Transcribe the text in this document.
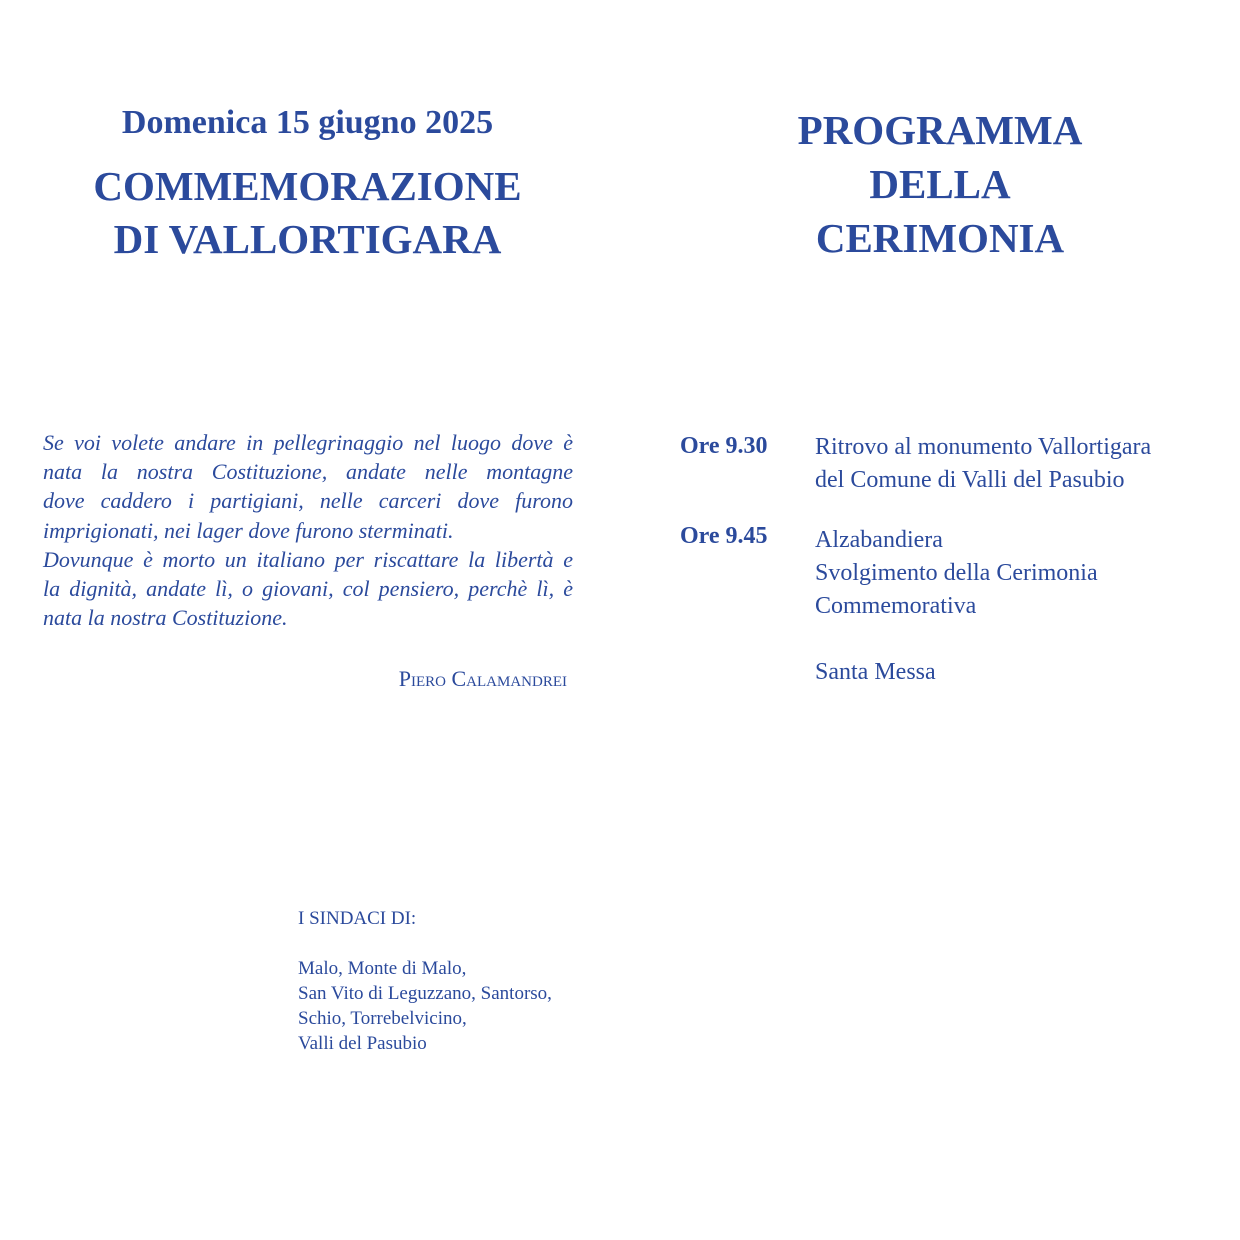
Domenica 15 giugno 2025
COMMEMORAZIONE
DI VALLORTIGARA
Se voi volete andare in pellegrinaggio nel luogo dove è
nata la nostra Costituzione, andate nelle montagne
dove caddero i partigiani, nelle carceri dove furono
imprigionati, nei lager dove furono sterminati.
Dovunque è morto un italiano per riscattare la libertà e
la dignità, andate lì, o giovani, col pensiero, perchè lì, è
nata la nostra Costituzione.
Piero Calamandrei
I SINDACI DI:
Malo, Monte di Malo,
San Vito di Leguzzano, Santorso,
Schio, Torrebelvicino,
Valli del Pasubio
PROGRAMMA
DELLA
CERIMONIA
Ore 9.30 Ritrovo al monumento Vallortigara
del Comune di Valli del Pasubio
Ore 9.45 Alzabandiera
Svolgimento della Cerimonia
Commemorativa
Santa Messa
